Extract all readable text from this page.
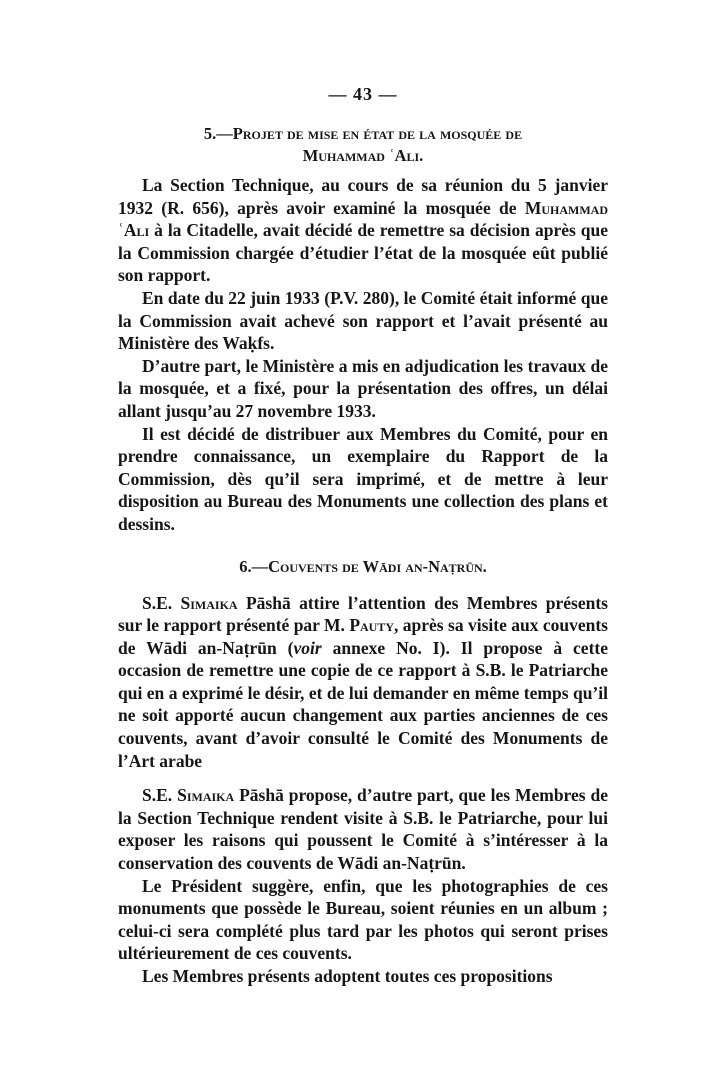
— 43 —
5.—Projet de mise en état de la mosquée de
Muhammad ʿAli.

La Section Technique, au cours de sa réunion du 5 janvier 1932 (R. 656), après avoir examiné la mosquée de Muhammad ʿAli à la Citadelle, avait décidé de remettre sa décision après que la Commission chargée d’étudier l’état de la mosquée eût publié son rapport.

En date du 22 juin 1933 (P.V. 280), le Comité était informé que la Commission avait achevé son rapport et l’avait présenté au Ministère des Waḳfs.

D’autre part, le Ministère a mis en adjudication les travaux de la mosquée, et a fixé, pour la présentation des offres, un délai allant jusqu’au 27 novembre 1933.

Il est décidé de distribuer aux Membres du Comité, pour en prendre connaissance, un exemplaire du Rapport de la Commission, dès qu’il sera imprimé, et de mettre à leur disposition au Bureau des Monuments une collection des plans et dessins.

6.—Couvents de Wādi an-Naṭrūn.

S.E. Simaika Pāshā attire l’attention des Membres présents sur le rapport présenté par M. Pauty, après sa visite aux couvents de Wādi an-Naṭrūn (voir annexe No. I). Il propose à cette occasion de remettre une copie de ce rapport à S.B. le Patriarche qui en a exprimé le désir, et de lui demander en même temps qu’il ne soit apporté aucun changement aux parties anciennes de ces couvents, avant d’avoir consulté le Comité des Monuments de l’Art arabe

S.E. Simaika Pāshā propose, d’autre part, que les Membres de la Section Technique rendent visite à S.B. le Patriarche, pour lui exposer les raisons qui poussent le Comité à s’intéresser à la conservation des couvents de Wādi an-Naṭrūn.

Le Président suggère, enfin, que les photographies de ces monuments que possède le Bureau, soient réunies en un album ; celui-ci sera complété plus tard par les photos qui seront prises ultérieurement de ces couvents.

Les Membres présents adoptent toutes ces propositions
